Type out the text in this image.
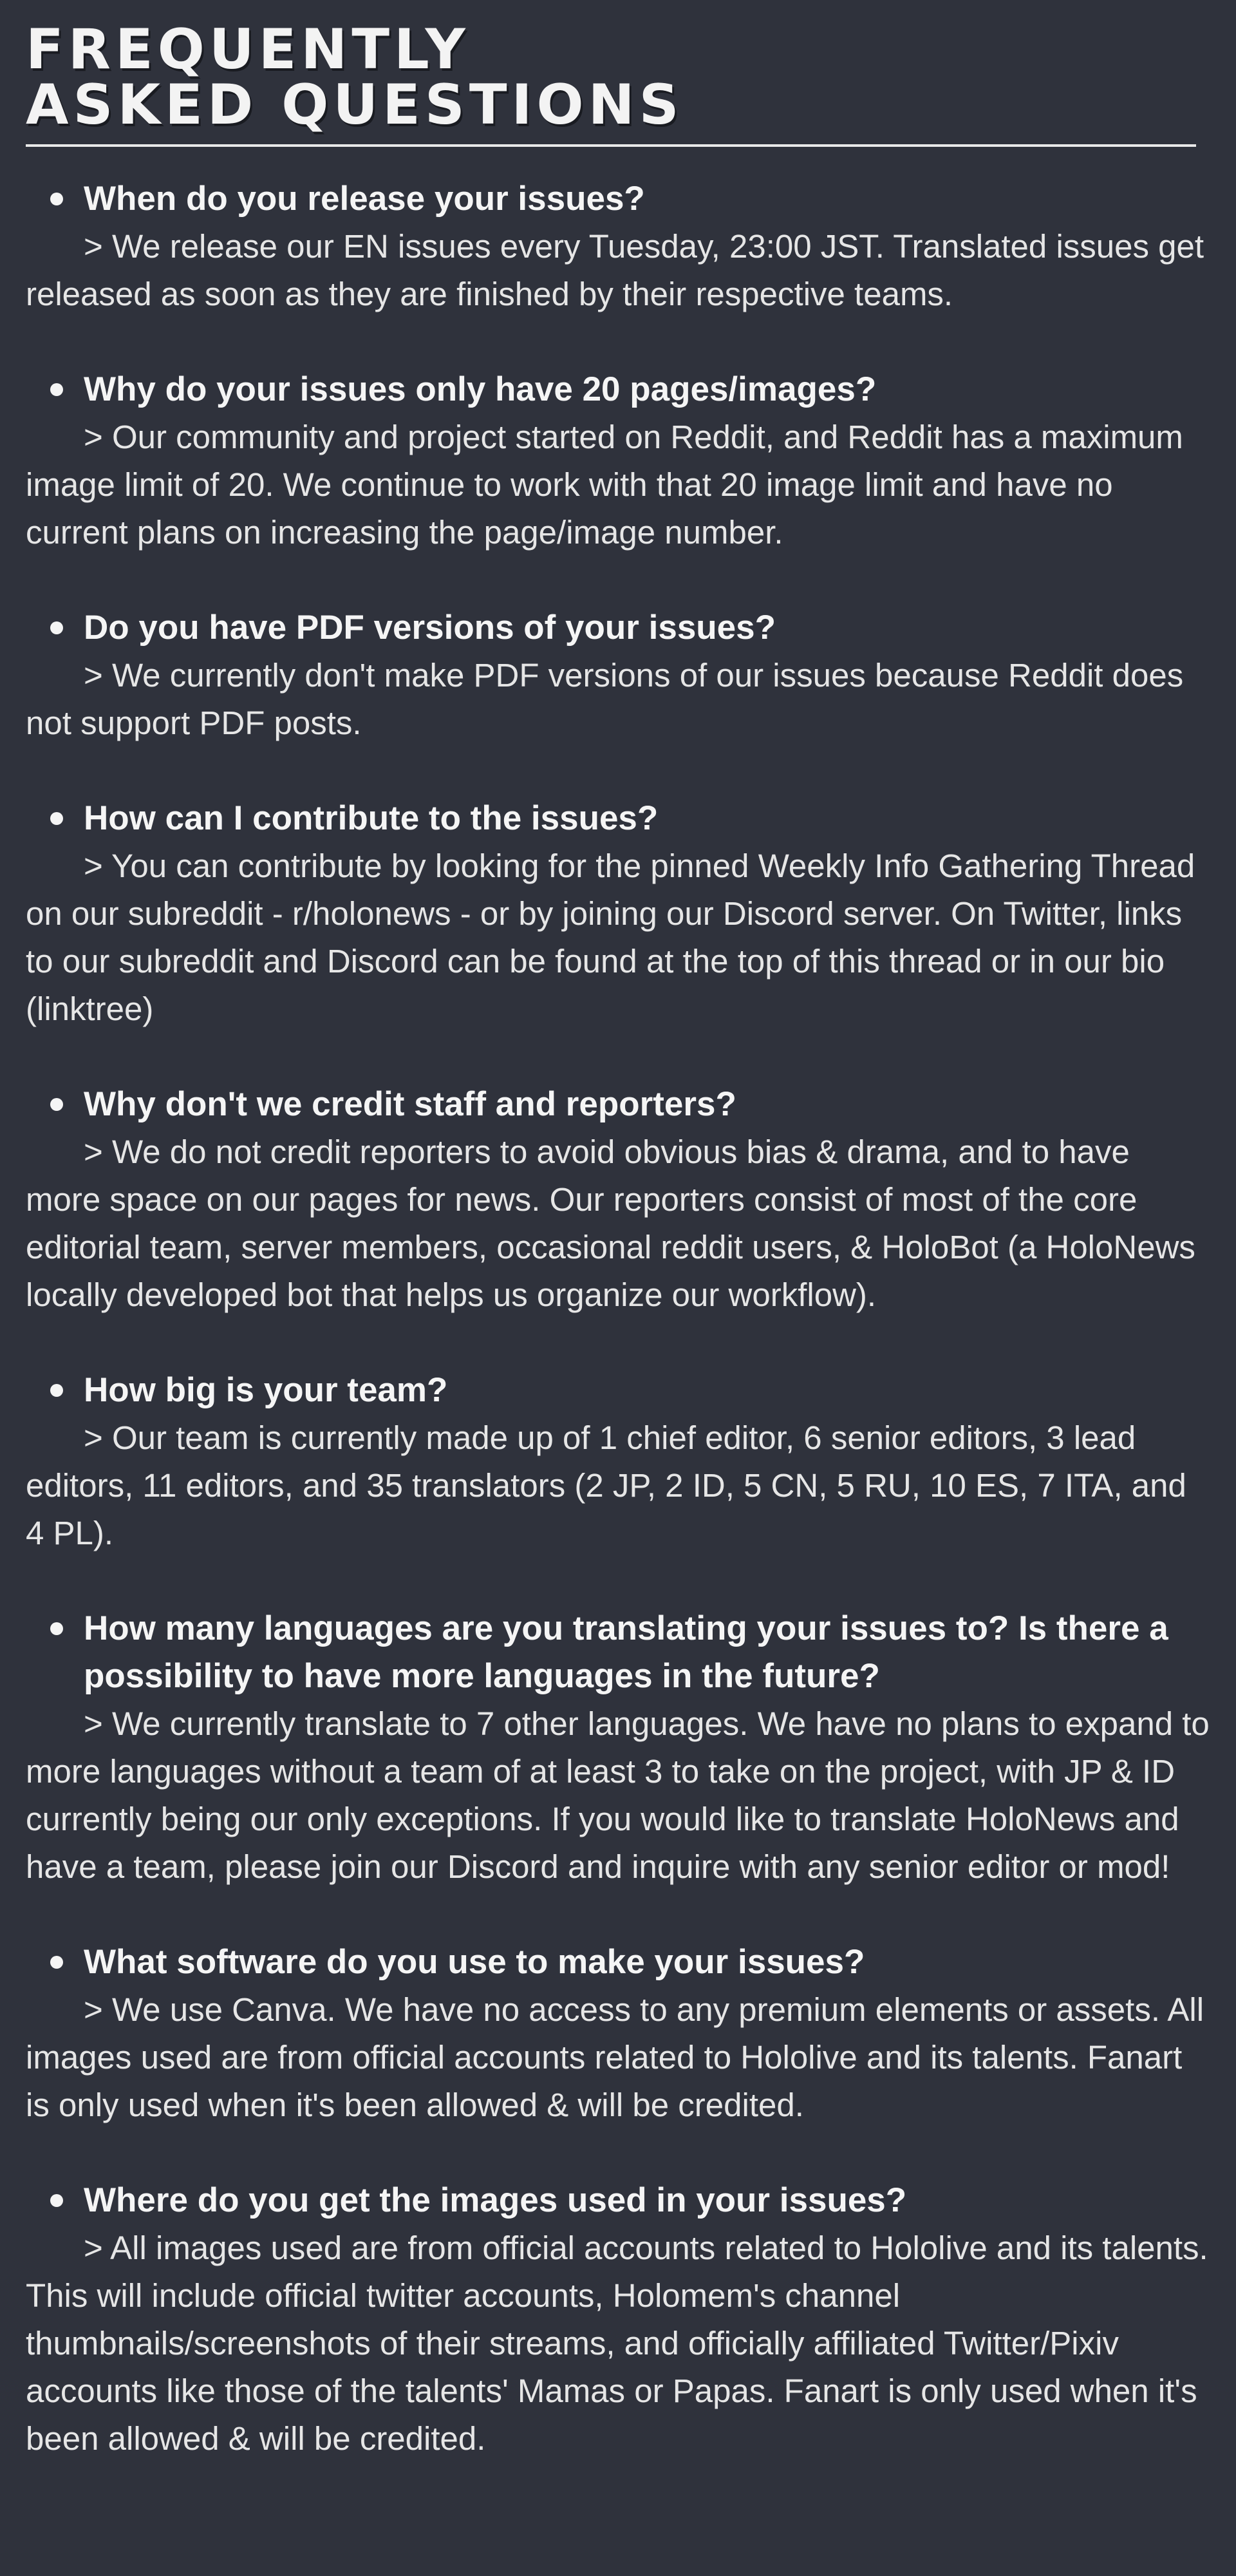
FREQUENTLY
ASKED QUESTIONS

When do you release your issues?

> We release our EN issues every Tuesday, 23:00 JST. Translated issues get released as soon as they are finished by their respective teams.

Why do your issues only have 20 pages/images?

> Our community and project started on Reddit, and Reddit has a maximum image limit of 20. We continue to work with that 20 image limit and have no current plans on increasing the page/image number.

Do you have PDF versions of your issues?

> We currently don't make PDF versions of our issues because Reddit does not support PDF posts.

How can I contribute to the issues?

> You can contribute by looking for the pinned Weekly Info Gathering Thread on our subreddit - r/holonews - or by joining our Discord server. On Twitter, links to our subreddit and Discord can be found at the top of this thread or in our bio (linktree)

Why don't we credit staff and reporters?

> We do not credit reporters to avoid obvious bias & drama, and to have more space on our pages for news. Our reporters consist of most of the core editorial team, server members, occasional reddit users, & HoloBot (a HoloNews locally developed bot that helps us organize our workflow).

How big is your team?

> Our team is currently made up of 1 chief editor, 6 senior editors, 3 lead editors, 11 editors, and 35 translators (2 JP, 2 ID, 5 CN, 5 RU, 10 ES, 7 ITA, and 4 PL).

How many languages are you translating your issues to? Is there a possibility to have more languages in the future?

> We currently translate to 7 other languages. We have no plans to expand to more languages without a team of at least 3 to take on the project, with JP & ID currently being our only exceptions. If you would like to translate HoloNews and have a team, please join our Discord and inquire with any senior editor or mod!

What software do you use to make your issues?

> We use Canva. We have no access to any premium elements or assets. All images used are from official accounts related to Hololive and its talents. Fanart is only used when it's been allowed & will be credited.

Where do you get the images used in your issues?

> All images used are from official accounts related to Hololive and its talents. This will include official twitter accounts, Holomem's channel thumbnails/screenshots of their streams, and officially affiliated Twitter/Pixiv accounts like those of the talents' Mamas or Papas. Fanart is only used when it's been allowed & will be credited.
